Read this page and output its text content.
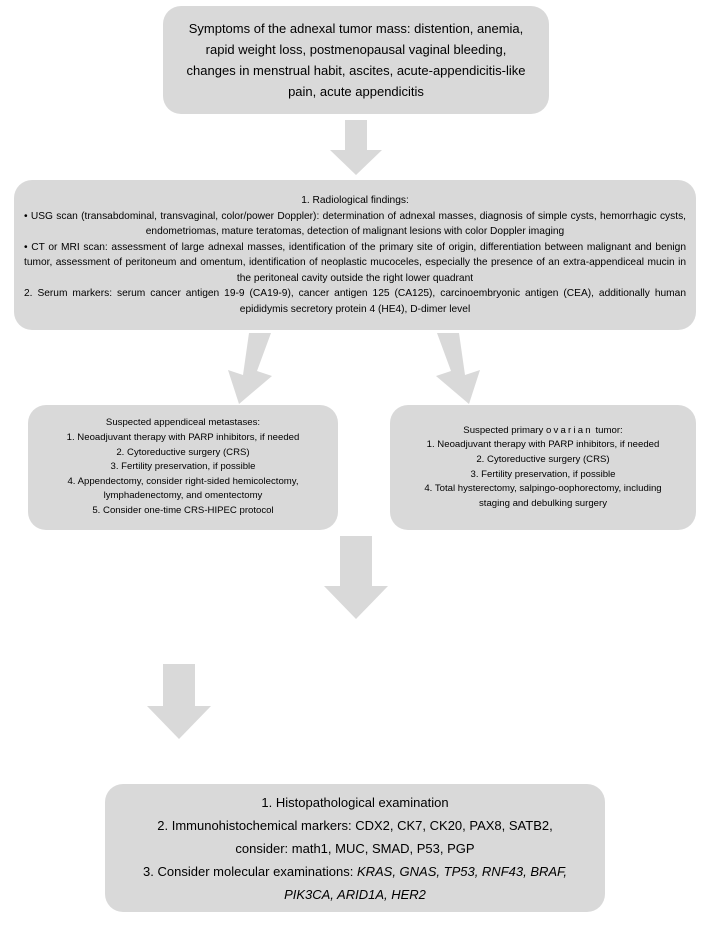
Symptoms of the adnexal tumor mass: distention, anemia,
rapid weight loss, postmenopausal vaginal bleeding,
changes in menstrual habit, ascites, acute-appendicitis-like
pain, acute appendicitis
1. Radiological findings:
• USG scan (transabdominal, transvaginal, color/power Doppler): determination of adnexal masses, diagnosis of simple cysts, hemorrhagic cysts, endometriomas, mature teratomas, detection of malignant lesions with color Doppler imaging
• CT or MRI scan: assessment of large adnexal masses, identification of the primary site of origin, differentiation between malignant and benign tumor, assessment of peritoneum and omentum, identification of neoplastic mucoceles, especially the presence of an extra-appendiceal mucin in the peritoneal cavity outside the right lower quadrant
2. Serum markers: serum cancer antigen 19-9 (CA19-9), cancer antigen 125 (CA125), carcinoembryonic antigen (CEA), additionally human epididymis secretory protein 4 (HE4), D-dimer level
Suspected appendiceal metastases:
1. Neoadjuvant therapy with PARP inhibitors, if needed
2. Cytoreductive surgery (CRS)
3. Fertility preservation, if possible
4. Appendectomy, consider right-sided hemicolectomy,
lymphadenectomy, and omentectomy
5. Consider one-time CRS-HIPEC protocol
Suspected primary ovarian tumor:
1. Neoadjuvant therapy with PARP inhibitors, if needed
2. Cytoreductive surgery (CRS)
3. Fertility preservation, if possible
4. Total hysterectomy, salpingo-oophorectomy, including
staging and debulking surgery
1. Histopathological examination
2. Immunohistochemical markers: CDX2, CK7, CK20, PAX8, SATB2,
consider: math1, MUC, SMAD, P53, PGP
3. Consider molecular examinations: KRAS, GNAS, TP53, RNF43, BRAF,
PIK3CA, ARID1A, HER2
